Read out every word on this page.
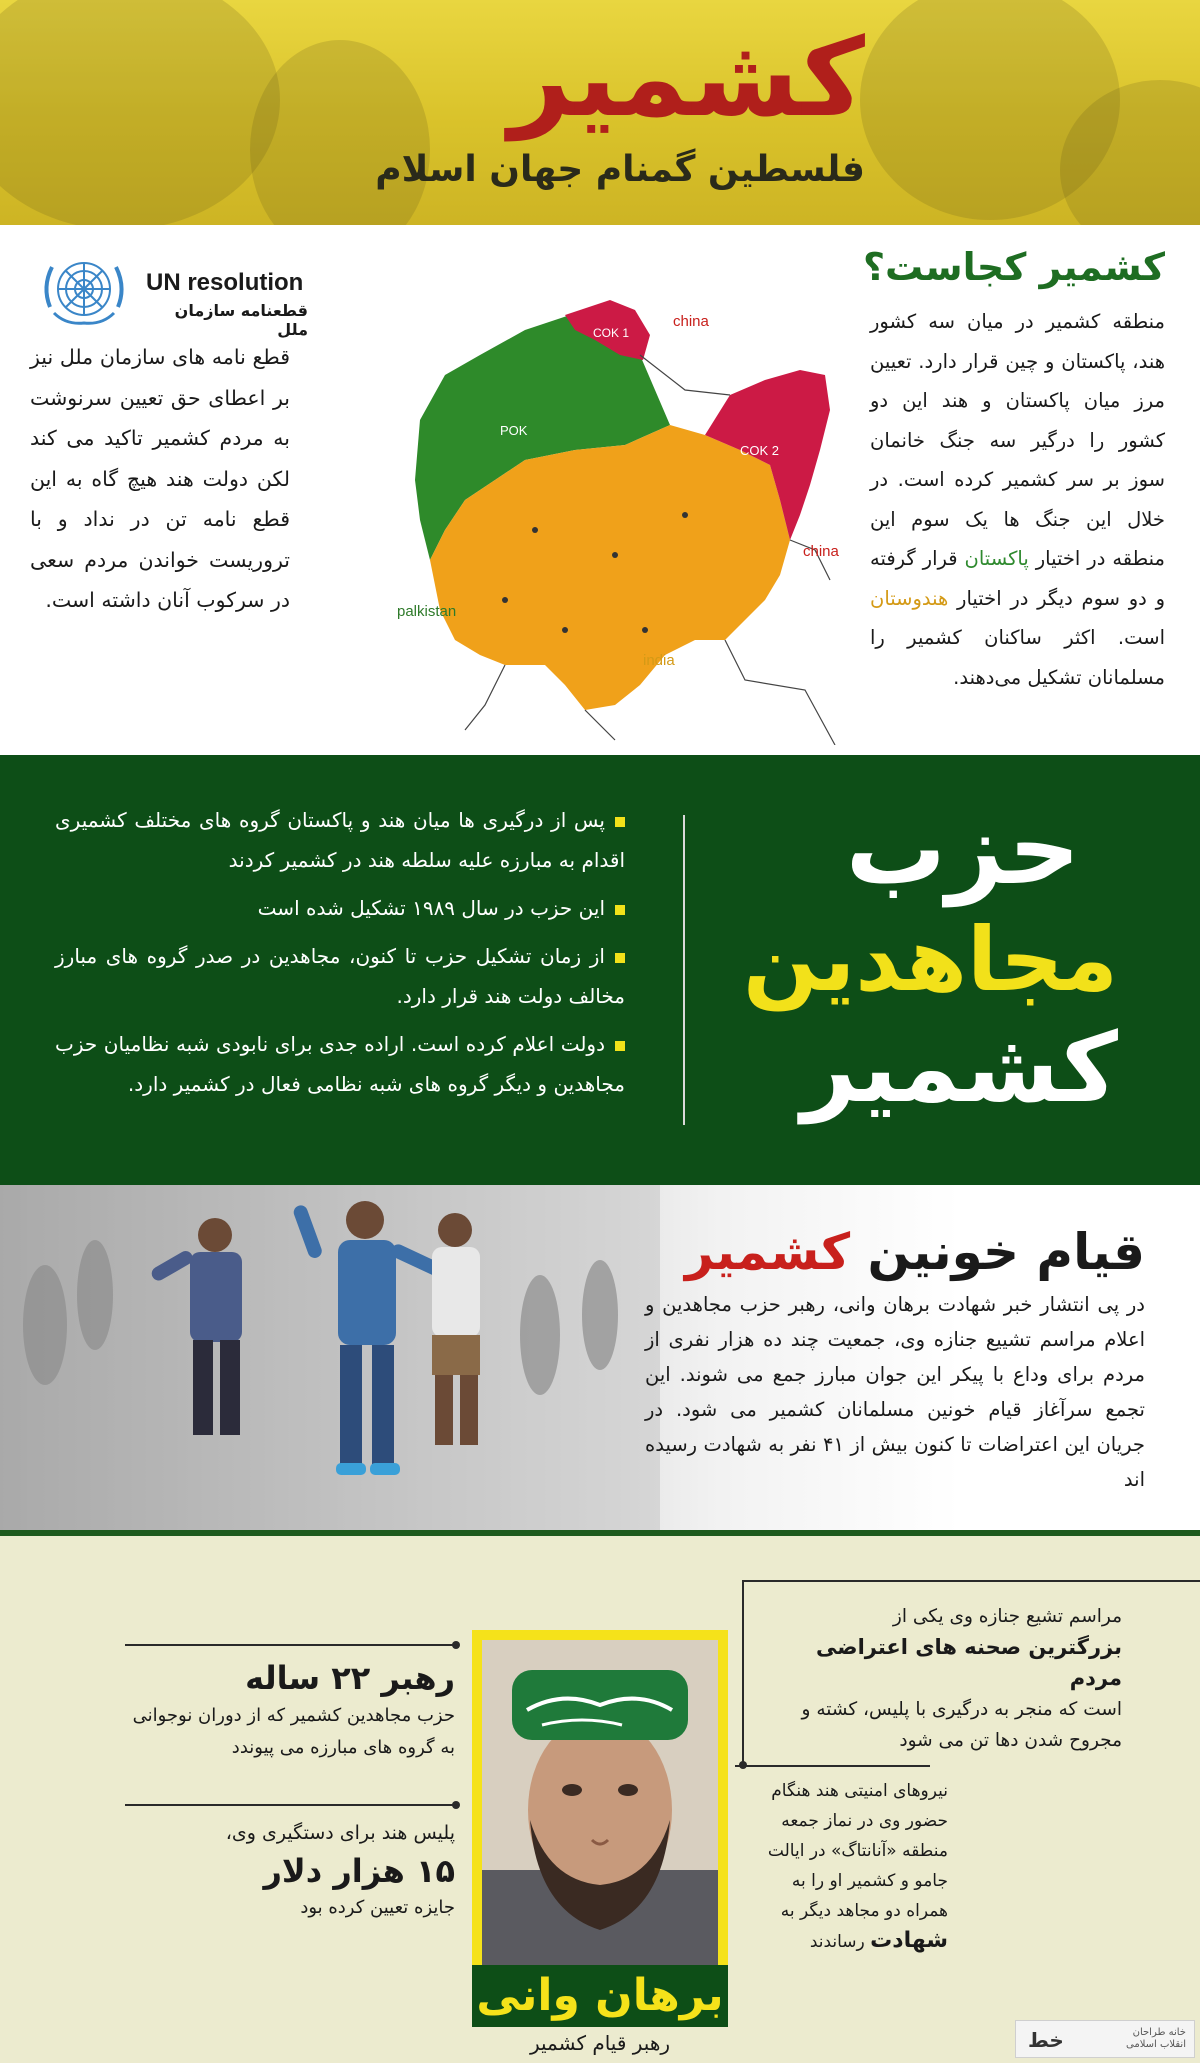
کشمیر
فلسطین گمنام جهان اسلام
کشمیر کجاست؟
منطقه کشمیر در میان سه کشور هند، پاکستان و چین قرار دارد. تعیین مرز میان پاکستان و هند این دو کشور را درگیر سه جنگ خانمان سوز بر سر کشمیر کرده است. در خلال این جنگ ها یک سوم این منطقه در اختیار پاکستان قرار گرفته و دو سوم دیگر در اختیار هندوستان است. اکثر ساکنان کشمیر را مسلمانان تشکیل می‌دهند.
UN resolution
قطعنامه سازمان ملل
قطع نامه های سازمان ملل نیز بر اعطای حق تعیین سرنوشت به مردم کشمیر تاکید می کند لکن دولت هند هیچ گاه به این قطع نامه تن در نداد و با تروریست خواندن مردم سعی در سرکوب آنان داشته است.
POK
COK 1
COK 2
china
china
palkistan
india
حزب
مجاهدین
کشمیر
پس از درگیری ها میان هند و پاکستان گروه های مختلف کشمیری اقدام به مبارزه علیه سلطه هند در کشمیر کردند
این حزب در سال ۱۹۸۹ تشکیل شده است
از زمان تشکیل حزب تا کنون، مجاهدین در صدر گروه های مبارز مخالف دولت هند قرار دارد.
دولت اعلام کرده است. اراده جدی برای نابودی شبه نظامیان حزب مجاهدین و دیگر گروه های شبه نظامی فعال در کشمیر دارد.
قیام خونین کشمیر
در پی انتشار خبر شهادت برهان وانی، رهبر حزب مجاهدین و اعلام مراسم تشییع جنازه وی، جمعیت چند ده هزار نفری از مردم برای وداع با پیکر این جوان مبارز جمع می شوند. این تجمع سرآغاز قیام خونین مسلمانان کشمیر می شود. در جریان این اعتراضات تا کنون بیش از ۴۱ نفر به شهادت رسیده اند
برهان وانی
رهبر قیام کشمیر
رهبر ۲۲ ساله
حزب مجاهدین کشمیر که از دوران نوجوانی به گروه های مبارزه می پیوندد
پلیس هند برای دستگیری وی،
۱۵ هزار دلار
جایزه تعیین کرده بود
مراسم تشیع جنازه وی یکی از
بزرگترین صحنه های اعتراضی مردم
است که منجر به درگیری با پلیس، کشته و مجروح شدن دها تن می شود
نیروهای امنیتی هند هنگام حضور وی در نماز جمعه منطقه «آنانتاگ» در ایالت جامو و کشمیر او را به همراه دو مجاهد دیگر به شهادت رساندند
خط	خانه طراحان انقلاب اسلامی
